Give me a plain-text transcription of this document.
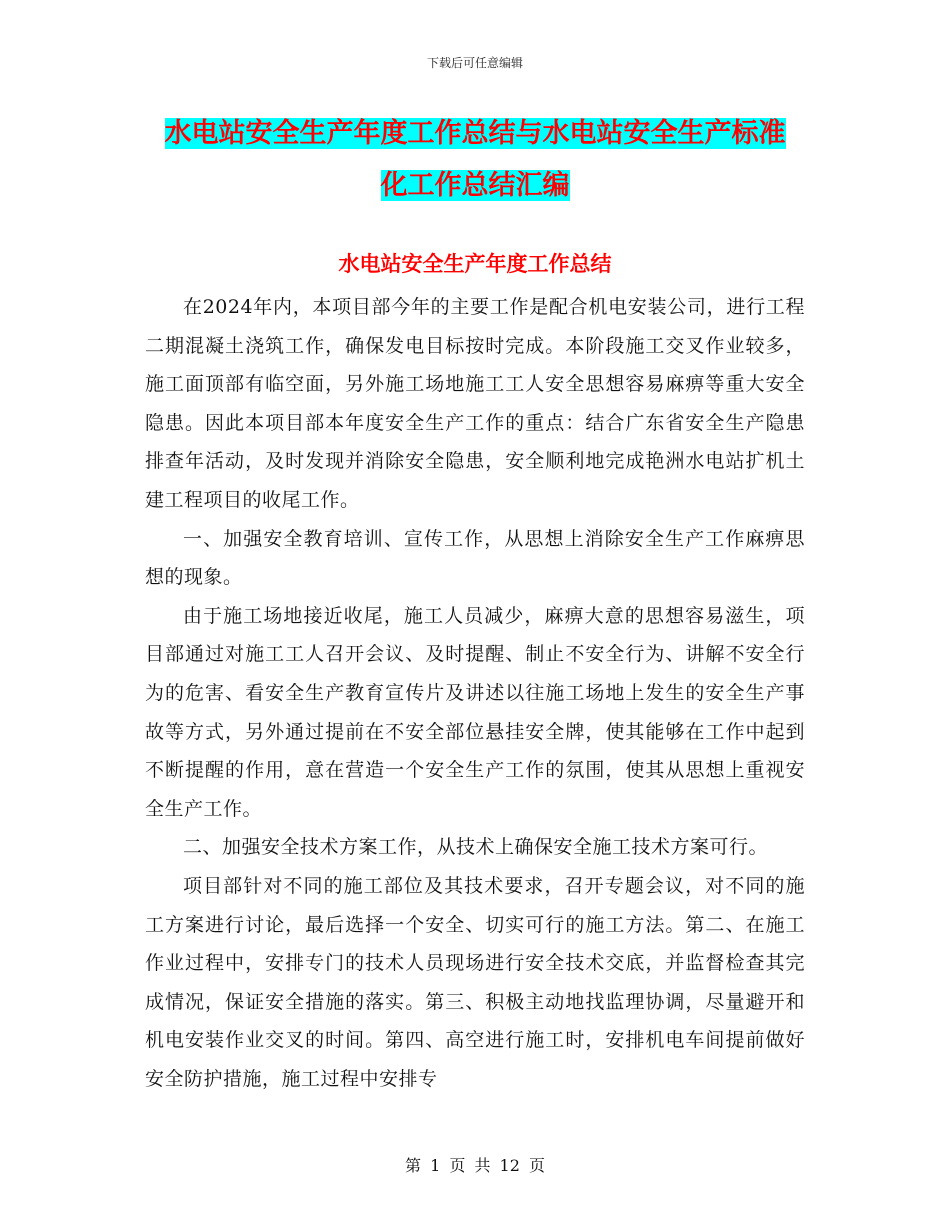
下载后可任意编辑
水电站安全生产年度工作总结与水电站安全生产标准
化工作总结汇编
水电站安全生产年度工作总结

在2024年内，本项目部今年的主要工作是配合机电安装公司，进行工程二期混凝土浇筑工作，确保发电目标按时完成。本阶段施工交叉作业较多，施工面顶部有临空面，另外施工场地施工工人安全思想容易麻痹等重大安全隐患。因此本项目部本年度安全生产工作的重点：结合广东省安全生产隐患排查年活动，及时发现并消除安全隐患，安全顺利地完成艳洲水电站扩机土建工程项目的收尾工作。

一、加强安全教育培训、宣传工作，从思想上消除安全生产工作麻痹思想的现象。

由于施工场地接近收尾，施工人员减少，麻痹大意的思想容易滋生，项目部通过对施工工人召开会议、及时提醒、制止不安全行为、讲解不安全行为的危害、看安全生产教育宣传片及讲述以往施工场地上发生的安全生产事故等方式，另外通过提前在不安全部位悬挂安全牌，使其能够在工作中起到不断提醒的作用，意在营造一个安全生产工作的氛围，使其从思想上重视安全生产工作。

二、加强安全技术方案工作，从技术上确保安全施工技术方案可行。

项目部针对不同的施工部位及其技术要求，召开专题会议，对不同的施工方案进行讨论，最后选择一个安全、切实可行的施工方法。第二、在施工作业过程中，安排专门的技术人员现场进行安全技术交底，并监督检查其完成情况，保证安全措施的落实。第三、积极主动地找监理协调，尽量避开和机电安装作业交叉的时间。第四、高空进行施工时，安排机电车间提前做好安全防护措施，施工过程中安排专

第 1 页 共 12 页
